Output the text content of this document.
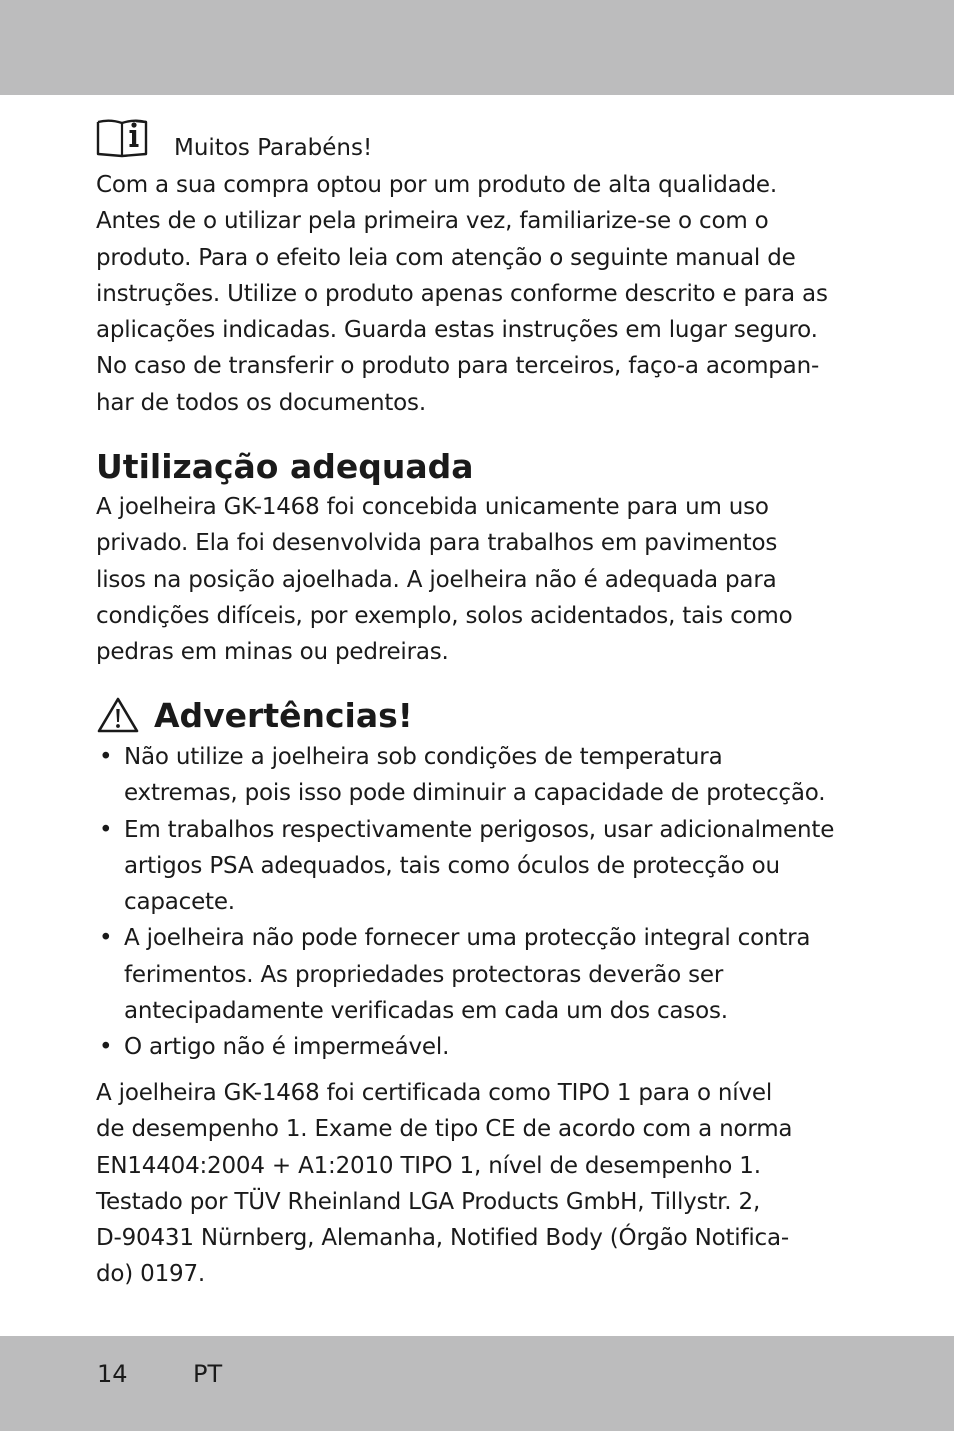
Muitos Parabéns!

Com a sua compra optou por um produto de alta qualidade.
Antes de o utilizar pela primeira vez, familiarize-se o com o
produto. Para o efeito leia com atenção o seguinte manual de
instruções. Utilize o produto apenas conforme descrito e para as
aplicações indicadas. Guarda estas instruções em lugar seguro.
No caso de transferir o produto para terceiros, faço-a acompan-
har de todos os documentos.

Utilização adequada

A joelheira GK-1468 foi concebida unicamente para um uso
privado. Ela foi desenvolvida para trabalhos em pavimentos
lisos na posição ajoelhada. A joelheira não é adequada para
condições difíceis, por exemplo, solos acidentados, tais como
pedras em minas ou pedreiras.

Advertências!
• Não utilize a joelheira sob condições de temperatura
extremas, pois isso pode diminuir a capacidade de protecção.
• Em trabalhos respectivamente perigosos, usar adicionalmente
artigos PSA adequados, tais como óculos de protecção ou
capacete.
• A joelheira não pode fornecer uma protecção integral contra
ferimentos. As propriedades protectoras deverão ser
antecipadamente verificadas em cada um dos casos.
• O artigo não é impermeável.

A joelheira GK-1468 foi certificada como TIPO 1 para o nível
de desempenho 1. Exame de tipo CE de acordo com a norma
EN14404:2004 + A1:2010 TIPO 1, nível de desempenho 1.
Testado por TÜV Rheinland LGA Products GmbH, Tillystr. 2,
D-90431 Nürnberg, Alemanha, Notified Body (Órgão Notifica-
do) 0197.

14	PT
